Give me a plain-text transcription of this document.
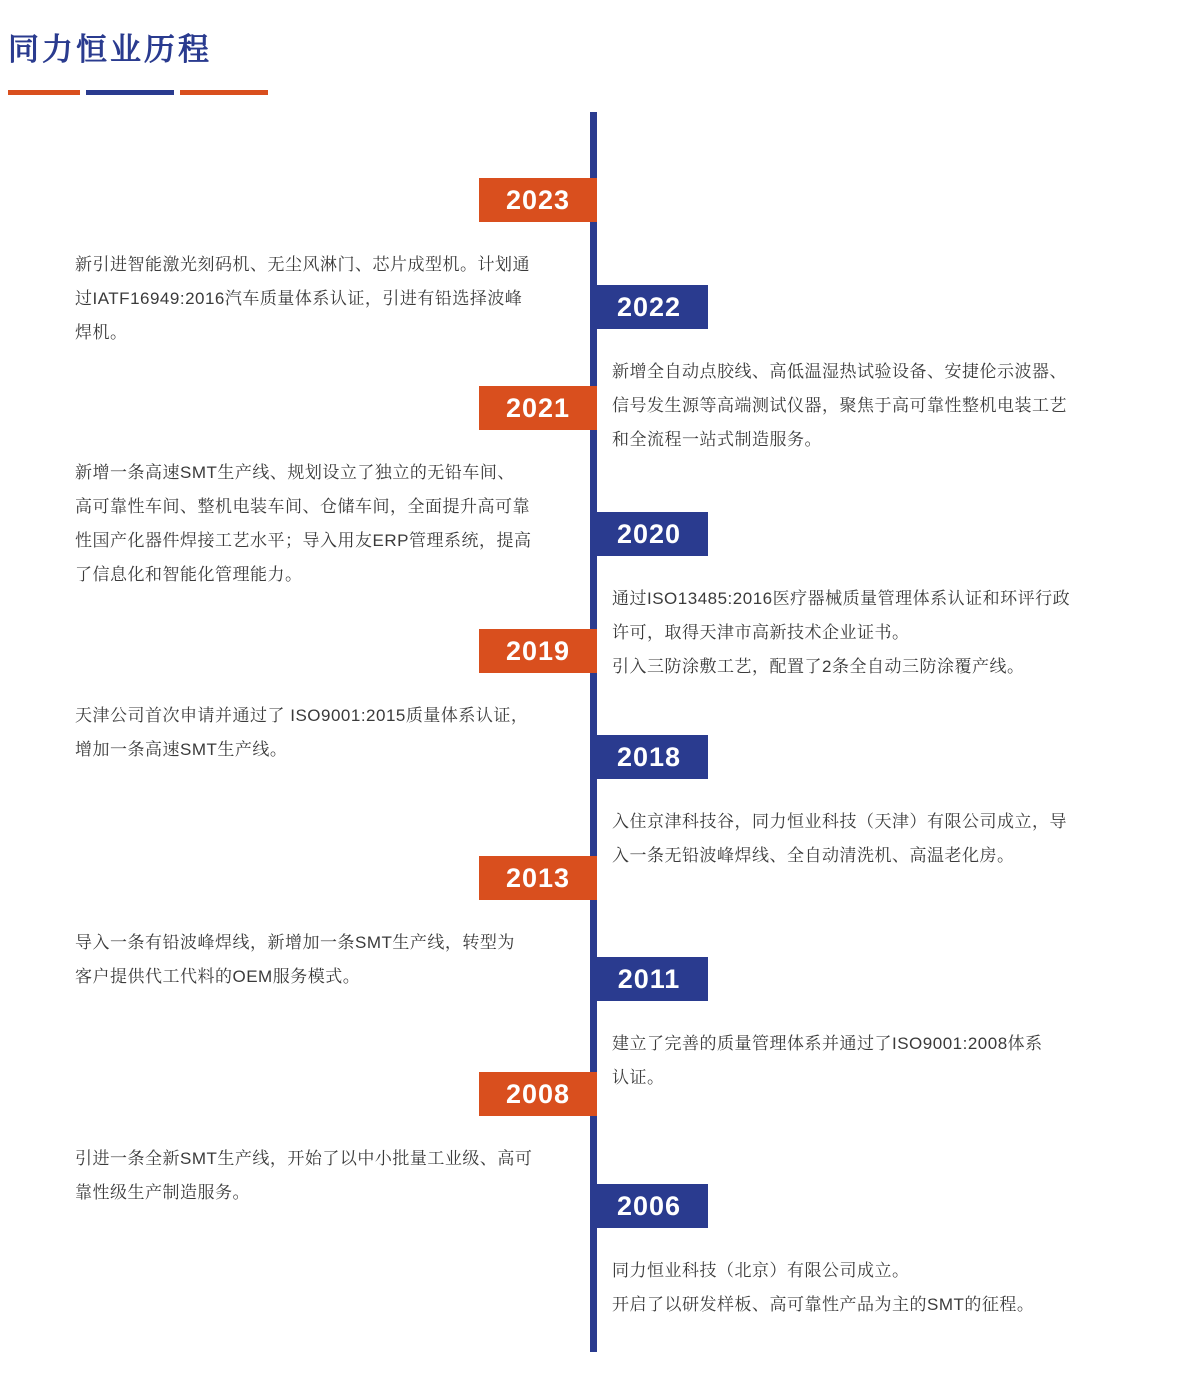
同力恒业历程
2023

新引进智能激光刻码机、无尘风淋门、芯片成型机。计划通

过IATF16949:2016汽车质量体系认证，引进有铅选择波峰

焊机。

2022

新增全自动点胶线、高低温湿热试验设备、安捷伦示波器、

信号发生源等高端测试仪器，聚焦于高可靠性整机电装工艺

和全流程一站式制造服务。

2021

新增一条高速SMT生产线、规划设立了独立的无铅车间、

高可靠性车间、整机电装车间、仓储车间，全面提升高可靠

性国产化器件焊接工艺水平；导入用友ERP管理系统，提高

了信息化和智能化管理能力。

2020

通过ISO13485:2016医疗器械质量管理体系认证和环评行政

许可，取得天津市高新技术企业证书。

引入三防涂敷工艺，配置了2条全自动三防涂覆产线。

2019

天津公司首次申请并通过了 ISO9001:2015质量体系认证，

增加一条高速SMT生产线。	2018

入住京津科技谷，同力恒业科技（天津）有限公司成立，导

入一条无铅波峰焊线、全自动清洗机、高温老化房。

2013

导入一条有铅波峰焊线，新增加一条SMT生产线，转型为

客户提供代工代料的OEM服务模式。	2011

建立了完善的质量管理体系并通过了ISO9001:2008体系

认证。

2008

引进一条全新SMT生产线，开始了以中小批量工业级、高可

靠性级生产制造服务。	2006

同力恒业科技（北京）有限公司成立。

开启了以研发样板、高可靠性产品为主的SMT的征程。
